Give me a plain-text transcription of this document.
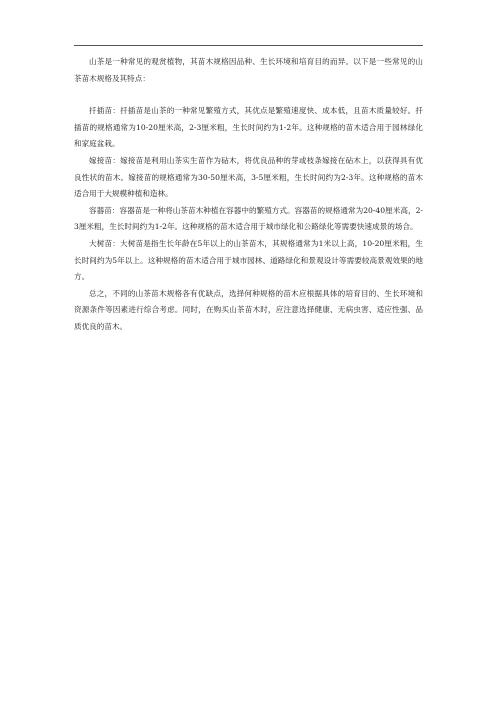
山茶是一种常见的观赏植物，其苗木规格因品种、生长环境和培育目的而异。以下是一些常见的山茶苗木规格及其特点：

扦插苗：扦插苗是山茶的一种常见繁殖方式，其优点是繁殖速度快、成本低，且苗木质量较好。扦插苗的规格通常为10-20厘米高，2-3厘米粗，生长时间约为1-2年。这种规格的苗木适合用于园林绿化和家庭盆栽。

嫁接苗：嫁接苗是利用山茶实生苗作为砧木，将优良品种的芽或枝条嫁接在砧木上，以获得具有优良性状的苗木。嫁接苗的规格通常为30-50厘米高，3-5厘米粗，生长时间约为2-3年。这种规格的苗木适合用于大规模种植和造林。

容器苗：容器苗是一种将山茶苗木种植在容器中的繁殖方式。容器苗的规格通常为20-40厘米高，2-3厘米粗，生长时间约为1-2年。这种规格的苗木适合用于城市绿化和公路绿化等需要快速成景的场合。

大树苗：大树苗是指生长年龄在5年以上的山茶苗木，其规格通常为1米以上高，10-20厘米粗，生长时间约为5年以上。这种规格的苗木适合用于城市园林、道路绿化和景观设计等需要较高景观效果的地方。

总之，不同的山茶苗木规格各有优缺点，选择何种规格的苗木应根据具体的培育目的、生长环境和资源条件等因素进行综合考虑。同时，在购买山茶苗木时，应注意选择健康、无病虫害、适应性强、品质优良的苗木。
